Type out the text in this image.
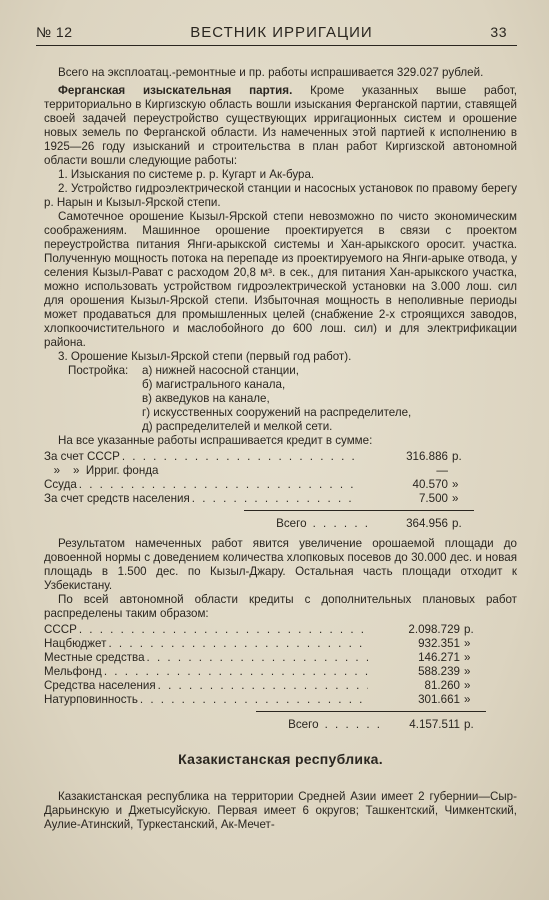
№ 12	ВЕСТНИК ИРРИГАЦИИ	33

Всего на эксплоатац.-ремонтные и пр. работы испрашивается 329.027 рублей.

Ферганская изыскательная партия. Кроме указанных выше работ, территориально в Киргизскую область вошли изыскания Ферганской партии, ставящей своей задачей переустройство существующих ирригационных систем и орошение новых земель по Ферганской области. Из намеченных этой партией к исполнению в 1925—26 году изысканий и строительства в план работ Киргизской автономной области вошли следующие работы:

1. Изыскания по системе р. р. Кугарт и Ак-бура.

2. Устройство гидроэлектрической станции и насосных установок по правому берегу р. Нарын и Кызыл-Ярской степи.

Самотечное орошение Кызыл-Ярской степи невозможно по чисто экономическим соображениям. Машинное орошение проектируется в связи с проектом переустройства питания Янги-арыкской системы и Хан-арыкского оросит. участка. Полученную мощность потока на перепаде из проектируемого на Янги-арыке отвода, у селения Кызыл-Рават с расходом 20,8 м³. в сек., для питания Хан-арыкского участка, можно использовать устройством гидроэлектрической установки на 3.000 лош. сил для орошения Кызыл-Ярской степи. Избыточная мощность в неполивные периоды может продаваться для промышленных целей (снабжение 2-х строящихся заводов, хлопкоочистительного и маслобойного до 600 лош. сил) и для электрификации района.

3. Орошение Кызыл-Ярской степи (первый год работ).

Постройка:	а) нижней насосной станции,
б) магистрального канала,
в) акведуков на канале,
г) искусственных сооружений на распределителе,
д) распределителей и мелкой сети.

На все указанные работы испрашивается кредит в сумме:

За счет СССР . . .	316.886 р.
»    »  Ирриг. фонда	—
Ссуда . . .	40.570 »
За счет средств населения . . .	7.500 »
Всего . . . . . .	364.956 р.

Результатом намеченных работ явится увеличение орошаемой площади до довоенной нормы с доведением количества хлопковых посевов до 30.000 дес. и новая площадь в 1.500 дес. по Кызыл-Джару. Остальная часть площади отходит к Узбекистану.

По всей автономной области кредиты с дополнительных плановых работ распределены таким образом:

СССР . . .	2.098.729 р.
Нацбюджет . . .	932.351 »
Местные средства . . .	146.271 »
Мельфонд . . .	588.239 »
Средства населения . . .	81.260 »
Натурповинность . . .	301.661 »
Всего . . . . . .	4.157.511 р.
Казакистанская республика.

Казакистанская республика на территории Средней Азии имеет 2 губернии—Сыр-Дарьинскую и Джетысуйскую. Первая имеет 6 округов; Ташкентский, Чимкентский, Аулие-Атинский, Туркестанский, Ак-Мечет-
